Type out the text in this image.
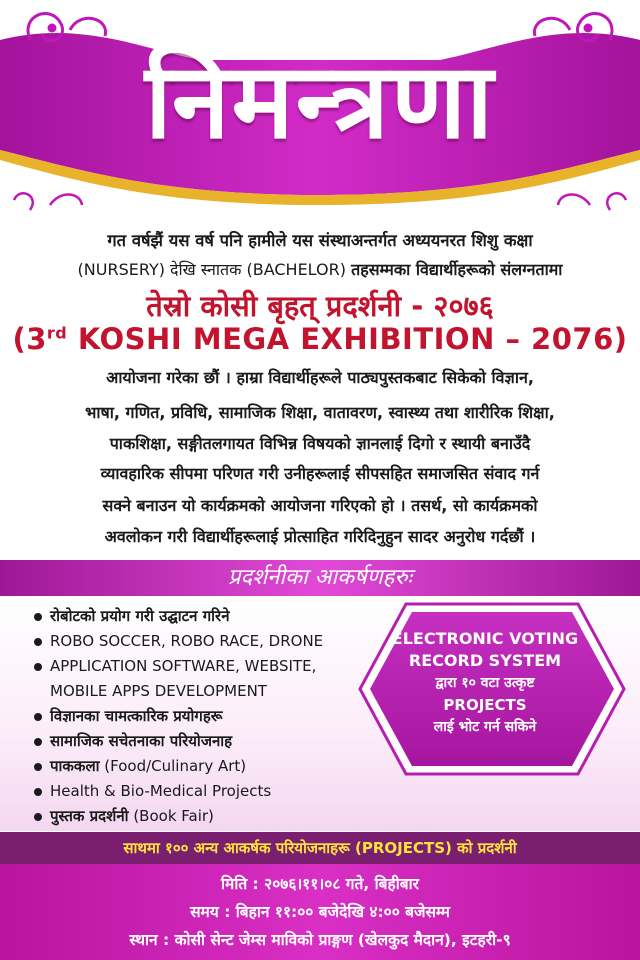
निमन्त्रणा
गत वर्षझैं यस वर्ष पनि हामीले यस संस्थाअन्तर्गत अध्ययनरत शिशु कक्षा
(NURSERY) देखि स्नातक (BACHELOR) तहसम्मका विद्यार्थीहरूको संलग्नतामा
तेस्रो कोसी बृहत् प्रदर्शनी - २०७६
(3rd KOSHI MEGA EXHIBITION – 2076)
आयोजना गरेका छौं । हाम्रा विद्यार्थीहरूले पाठ्यपुस्तकबाट सिकेको विज्ञान,
भाषा, गणित, प्रविधि, सामाजिक शिक्षा, वातावरण, स्वास्थ्य तथा शारीरिक शिक्षा,
पाकशिक्षा, सङ्गीतलगायत विभिन्न विषयको ज्ञानलाई दिगो र स्थायी बनाउँदै
व्यावहारिक सीपमा परिणत गरी उनीहरूलाई सीपसहित समाजसित संवाद गर्न
सक्ने बनाउन यो कार्यक्रमको आयोजना गरिएको हो । तसर्थ, सो कार्यक्रमको
अवलोकन गरी विद्यार्थीहरूलाई प्रोत्साहित गरिदिनुहुन सादर अनुरोध गर्दछौं ।
प्रदर्शनीका आकर्षणहरुः
रोबोटको प्रयोग गरी उद्घाटन गरिने
ROBO SOCCER, ROBO RACE, DRONE
APPLICATION SOFTWARE, WEBSITE,
MOBILE APPS DEVELOPMENT
विज्ञानका चामत्कारिक प्रयोगहरू
सामाजिक सचेतनाका परियोजनाह
पाककला (Food/Culinary Art)
Health & Bio-Medical Projects
पुस्तक प्रदर्शनी (Book Fair)
ELECTRONIC VOTING
RECORD SYSTEM
द्वारा १० वटा उत्कृष्ट
PROJECTS
लाई भोट गर्न सकिने
साथमा १०० अन्य आकर्षक परियोजनाहरू (PROJECTS) को प्रदर्शनी
मिति : २०७६।११।०८ गते, बिहीबार
समय : बिहान ११:०० बजेदेखि ४:०० बजेसम्म
स्थान : कोसी सेन्ट जेम्स माविको प्राङ्गण (खेलकुद मैदान), इटहरी-९
